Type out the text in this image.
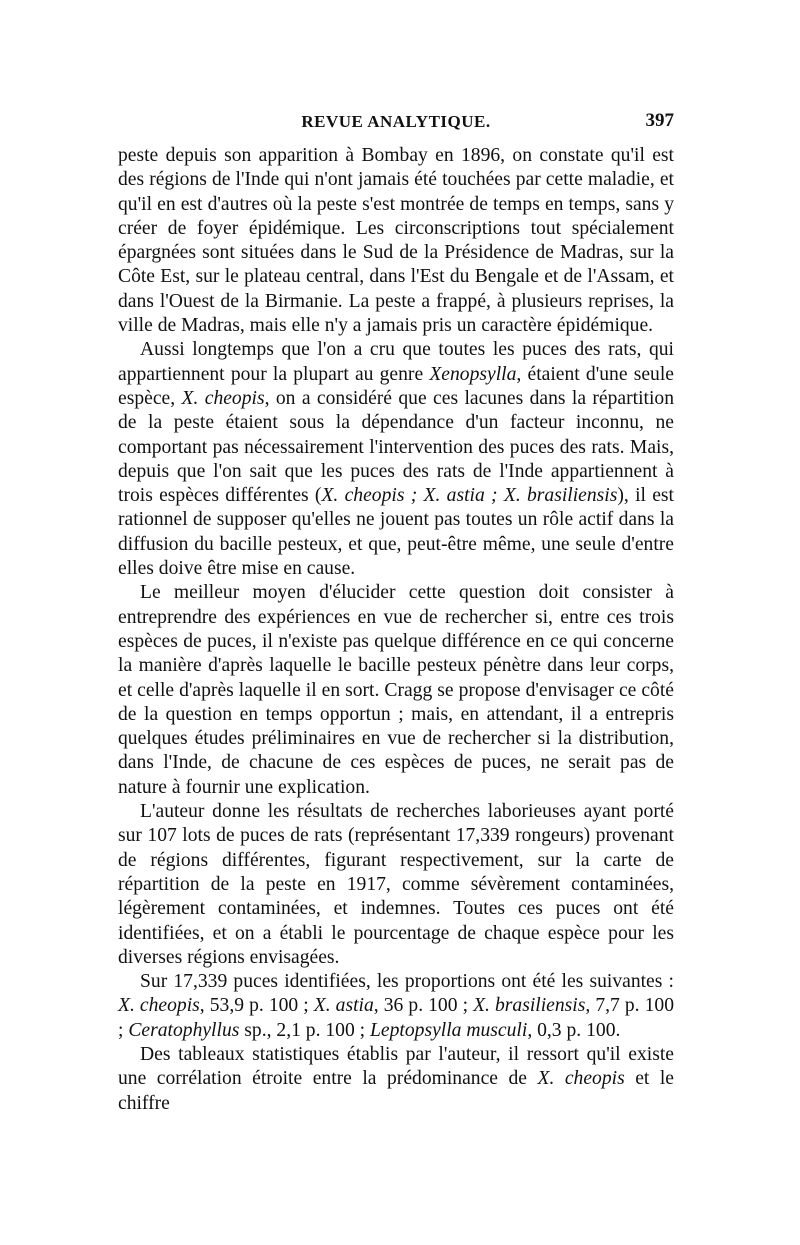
REVUE ANALYTIQUE.	397

peste depuis son apparition à Bombay en 1896, on constate qu'il est des régions de l'Inde qui n'ont jamais été touchées par cette maladie, et qu'il en est d'autres où la peste s'est montrée de temps en temps, sans y créer de foyer épidémique. Les circonscriptions tout spécialement épargnées sont situées dans le Sud de la Présidence de Madras, sur la Côte Est, sur le plateau central, dans l'Est du Bengale et de l'Assam, et dans l'Ouest de la Birmanie. La peste a frappé, à plusieurs reprises, la ville de Madras, mais elle n'y a jamais pris un caractère épidémique.

Aussi longtemps que l'on a cru que toutes les puces des rats, qui appartiennent pour la plupart au genre Xenopsylla, étaient d'une seule espèce, X. cheopis, on a considéré que ces lacunes dans la répartition de la peste étaient sous la dépendance d'un facteur inconnu, ne comportant pas nécessairement l'intervention des puces des rats. Mais, depuis que l'on sait que les puces des rats de l'Inde appartiennent à trois espèces différentes (X. cheopis ; X. astia ; X. brasiliensis), il est rationnel de supposer qu'elles ne jouent pas toutes un rôle actif dans la diffusion du bacille pesteux, et que, peut-être même, une seule d'entre elles doive être mise en cause.

Le meilleur moyen d'élucider cette question doit consister à entreprendre des expériences en vue de rechercher si, entre ces trois espèces de puces, il n'existe pas quelque différence en ce qui concerne la manière d'après laquelle le bacille pesteux pénètre dans leur corps, et celle d'après laquelle il en sort. Cragg se propose d'envisager ce côté de la question en temps opportun ; mais, en attendant, il a entrepris quelques études préliminaires en vue de rechercher si la distribution, dans l'Inde, de chacune de ces espèces de puces, ne serait pas de nature à fournir une explication.

L'auteur donne les résultats de recherches laborieuses ayant porté sur 107 lots de puces de rats (représentant 17,339 rongeurs) provenant de régions différentes, figurant respectivement, sur la carte de répartition de la peste en 1917, comme sévèrement contaminées, légèrement contaminées, et indemnes. Toutes ces puces ont été identifiées, et on a établi le pourcentage de chaque espèce pour les diverses régions envisagées.

Sur 17,339 puces identifiées, les proportions ont été les suivantes : X. cheopis, 53,9 p. 100 ; X. astia, 36 p. 100 ; X. brasiliensis, 7,7 p. 100 ; Ceratophyllus sp., 2,1 p. 100 ; Leptopsylla musculi, 0,3 p. 100.

Des tableaux statistiques établis par l'auteur, il ressort qu'il existe une corrélation étroite entre la prédominance de X. cheopis et le chiffre
